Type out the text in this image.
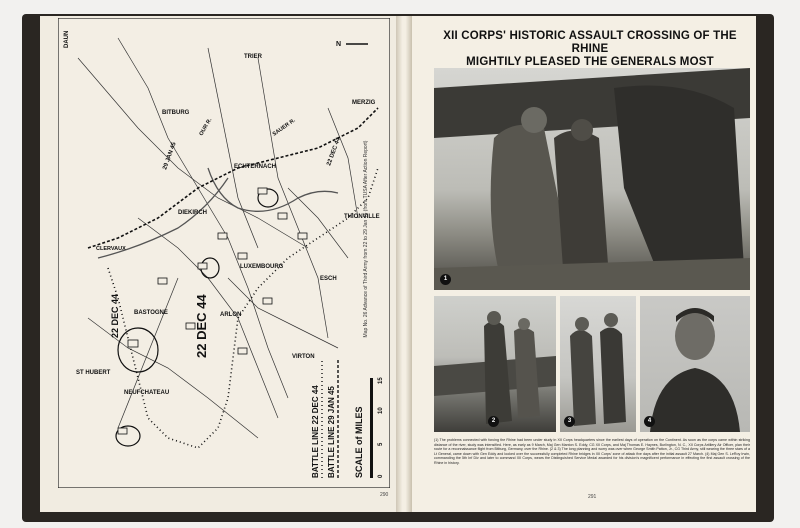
N
DAUN
TRIER
MERZIG
BITBURG
ECHTERNACH
DIEKIRCH
LUXEMBOURG
BASTOGNE
ST HUBERT
NEUFCHATEAU
ARLON
VIRTON
ESCH
THIONVILLE
CLERVAUX
SAUER R.
OUR R.
22 DEC 44
22 DEC 44
22 DEC 44
29 JAN 45
BATTLE LINE 22 DEC 44 BATTLE LINE 29 JAN 45 SCALE of MILES 0
5
10
15
Map No. 26 Advance of Third Army from 22 to 29 Jan 45 (from TUSA After Action Report)
290
XII CORPS' HISTORIC ASSAULT CROSSING OF THE RHINE
MIGHTILY PLEASED THE GENERALS MOST
1
2	3	4
(1) The problems connected with forcing the Rhine had been under study in XII Corps headquarters since the earliest days of operation on the Continent. As soon as the corps came within striking distance of the river, study was intensified. Here, as early as 9 March, Maj Gen Manton S. Eddy, CG XII Corps, and Maj Thomas E. Haynes, Burlington, N. C., XII Corps Artillery Air Officer, plan their route for a reconnaissance flight from Bitburg, Germany, over the Rhine. (2 & 3) The long planning and worry was over when George Smith Patton, Jr., CG Third Army, still wearing the three stars of a Lt General, came down with Gen Eddy and looked over the successfully completed Rhine bridges in XII Corps' zone of attack five days after the initial assault 27 March. (4) Maj Gen S. LeRoy Irwin, commanding the 5th Inf Div and later to command XII Corps, wears the Distinguished Service Medal awarded for his division's magnificent performance in effecting the first assault crossing of the Rhine in history.
291
